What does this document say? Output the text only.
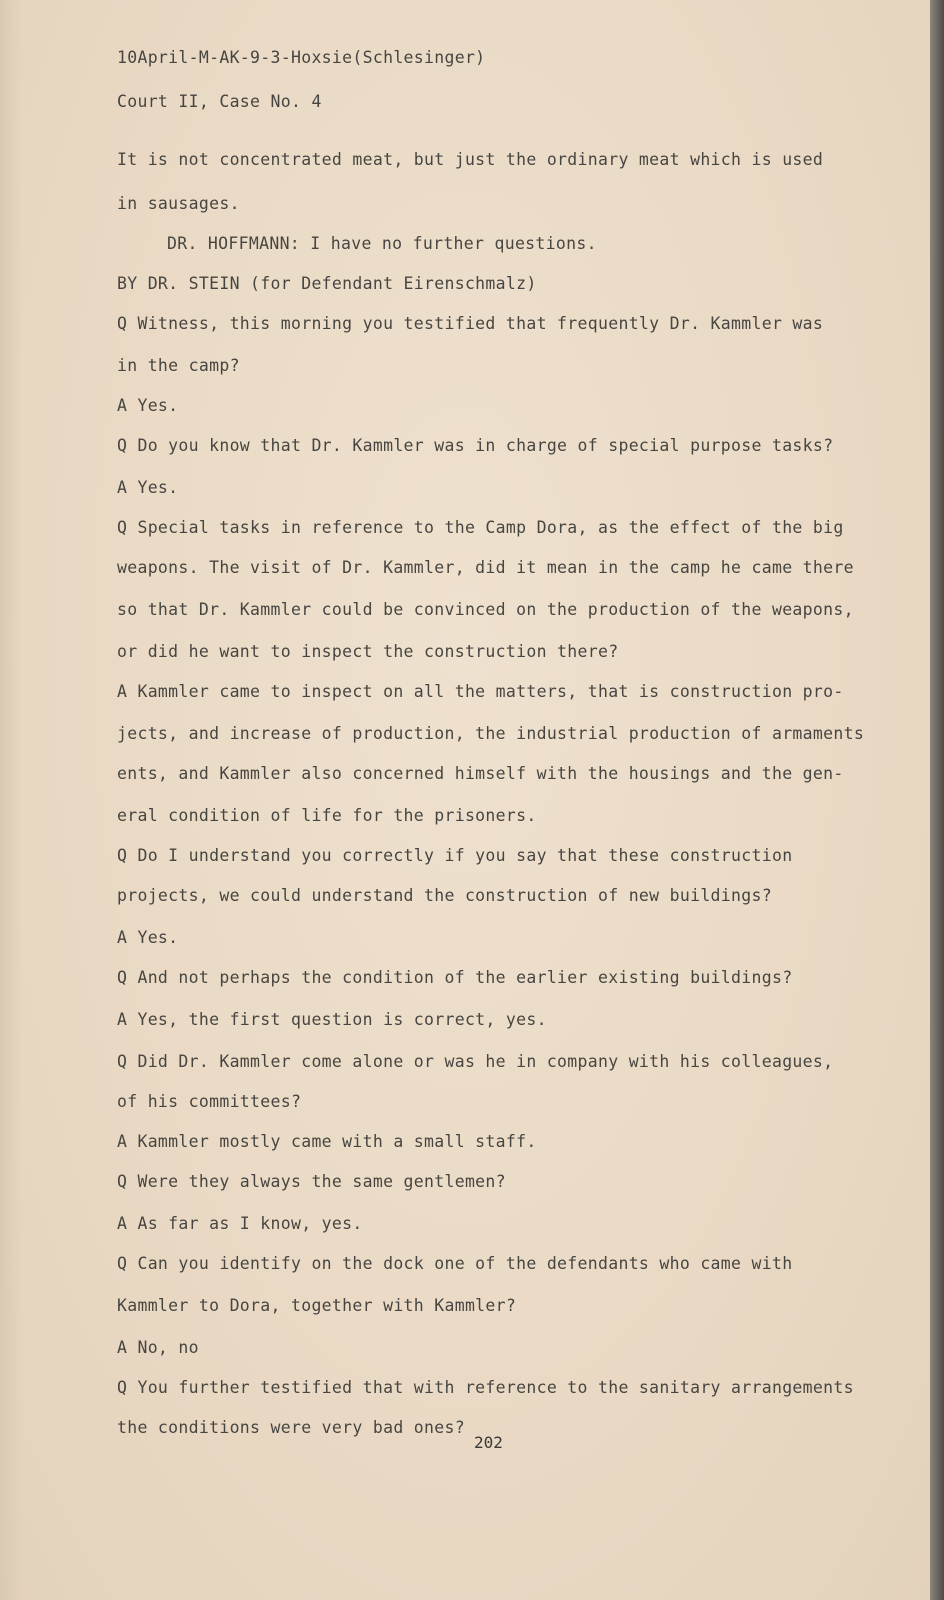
10April-M-AK-9-3-Hoxsie(Schlesinger)
Court II, Case No. 4
It is not concentrated meat, but just the ordinary meat which is used
in sausages.
DR. HOFFMANN: I have no further questions.
BY DR. STEIN (for Defendant Eirenschmalz)
Q Witness, this morning you testified that frequently Dr. Kammler was
in the camp?
A Yes.
Q Do you know that Dr. Kammler was in charge of special purpose tasks?
A Yes.
Q Special tasks in reference to the Camp Dora, as the effect of the big
weapons. The visit of Dr. Kammler, did it mean in the camp he came there
so that Dr. Kammler could be convinced on the production of the weapons,
or did he want to inspect the construction there?
A Kammler came to inspect on all the matters, that is construction pro-
jects, and increase of production, the industrial production of armaments
ents, and Kammler also concerned himself with the housings and the gen-
eral condition of life for the prisoners.
Q Do I understand you correctly if you say that these construction
projects, we could understand the construction of new buildings?
A Yes.
Q And not perhaps the condition of the earlier existing buildings?
A Yes, the first question is correct, yes.
Q Did Dr. Kammler come alone or was he in company with his colleagues,
of his committees?
A Kammler mostly came with a small staff.
Q Were they always the same gentlemen?
A As far as I know, yes.
Q Can you identify on the dock one of the defendants who came with
Kammler to Dora, together with Kammler?
A No, no
Q You further testified that with reference to the sanitary arrangements
the conditions were very bad ones?
202
